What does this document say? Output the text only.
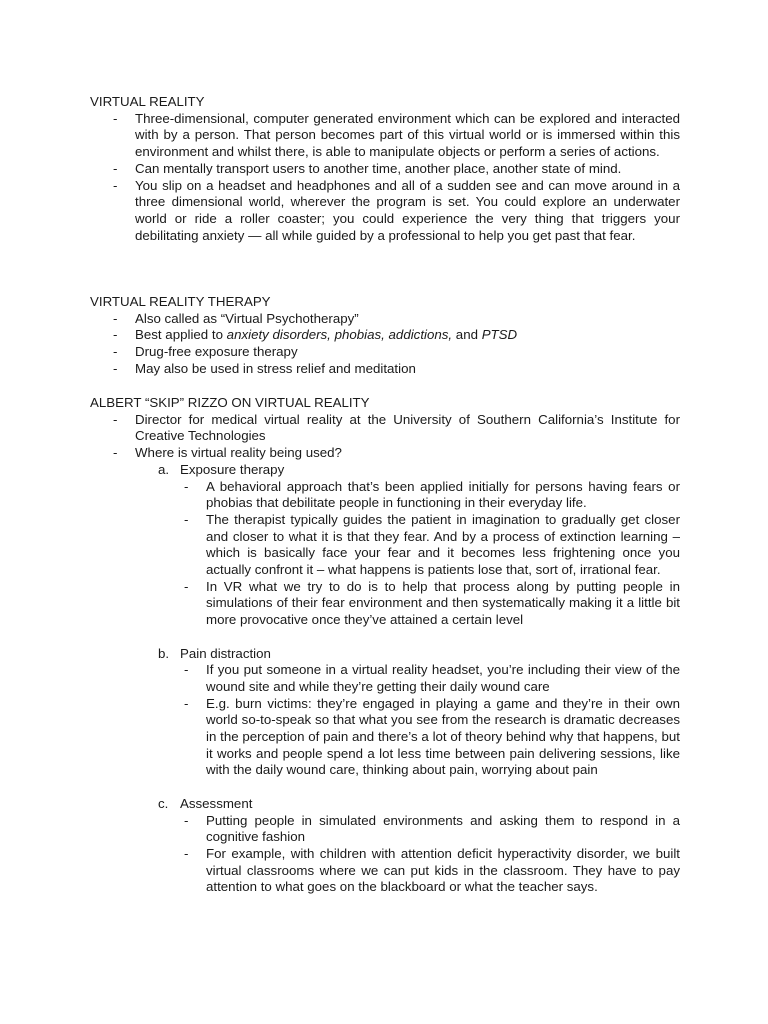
VIRTUAL REALITY

- Three-dimensional, computer generated environment which can be explored and interacted with by a person. That person becomes part of this virtual world or is immersed within this environment and whilst there, is able to manipulate objects or perform a series of actions.
- Can mentally transport users to another time, another place, another state of mind.
- You slip on a headset and headphones and all of a sudden see and can move around in a three dimensional world, wherever the program is set. You could explore an underwater world or ride a roller coaster; you could experience the very thing that triggers your debilitating anxiety — all while guided by a professional to help you get past that fear.

VIRTUAL REALITY THERAPY

- Also called as “Virtual Psychotherapy”
- Best applied to anxiety disorders, phobias, addictions, and PTSD
- Drug-free exposure therapy
- May also be used in stress relief and meditation

ALBERT “SKIP” RIZZO ON VIRTUAL REALITY

- Director for medical virtual reality at the University of Southern California’s Institute for Creative Technologies
- Where is virtual reality being used?

a. Exposure therapy

- A behavioral approach that’s been applied initially for persons having fears or phobias that debilitate people in functioning in their everyday life.
- The therapist typically guides the patient in imagination to gradually get closer and closer to what it is that they fear. And by a process of extinction learning – which is basically face your fear and it becomes less frightening once you actually confront it – what happens is patients lose that, sort of, irrational fear.
- In VR what we try to do is to help that process along by putting people in simulations of their fear environment and then systematically making it a little bit more provocative once they’ve attained a certain level

b. Pain distraction

- If you put someone in a virtual reality headset, you’re including their view of the wound site and while they’re getting their daily wound care
- E.g. burn victims: they’re engaged in playing a game and they’re in their own world so-to-speak so that what you see from the research is dramatic decreases in the perception of pain and there’s a lot of theory behind why that happens, but it works and people spend a lot less time between pain delivering sessions, like with the daily wound care, thinking about pain, worrying about pain

c. Assessment

- Putting people in simulated environments and asking them to respond in a cognitive fashion
- For example, with children with attention deficit hyperactivity disorder, we built virtual classrooms where we can put kids in the classroom. They have to pay attention to what goes on the blackboard or what the teacher says.
